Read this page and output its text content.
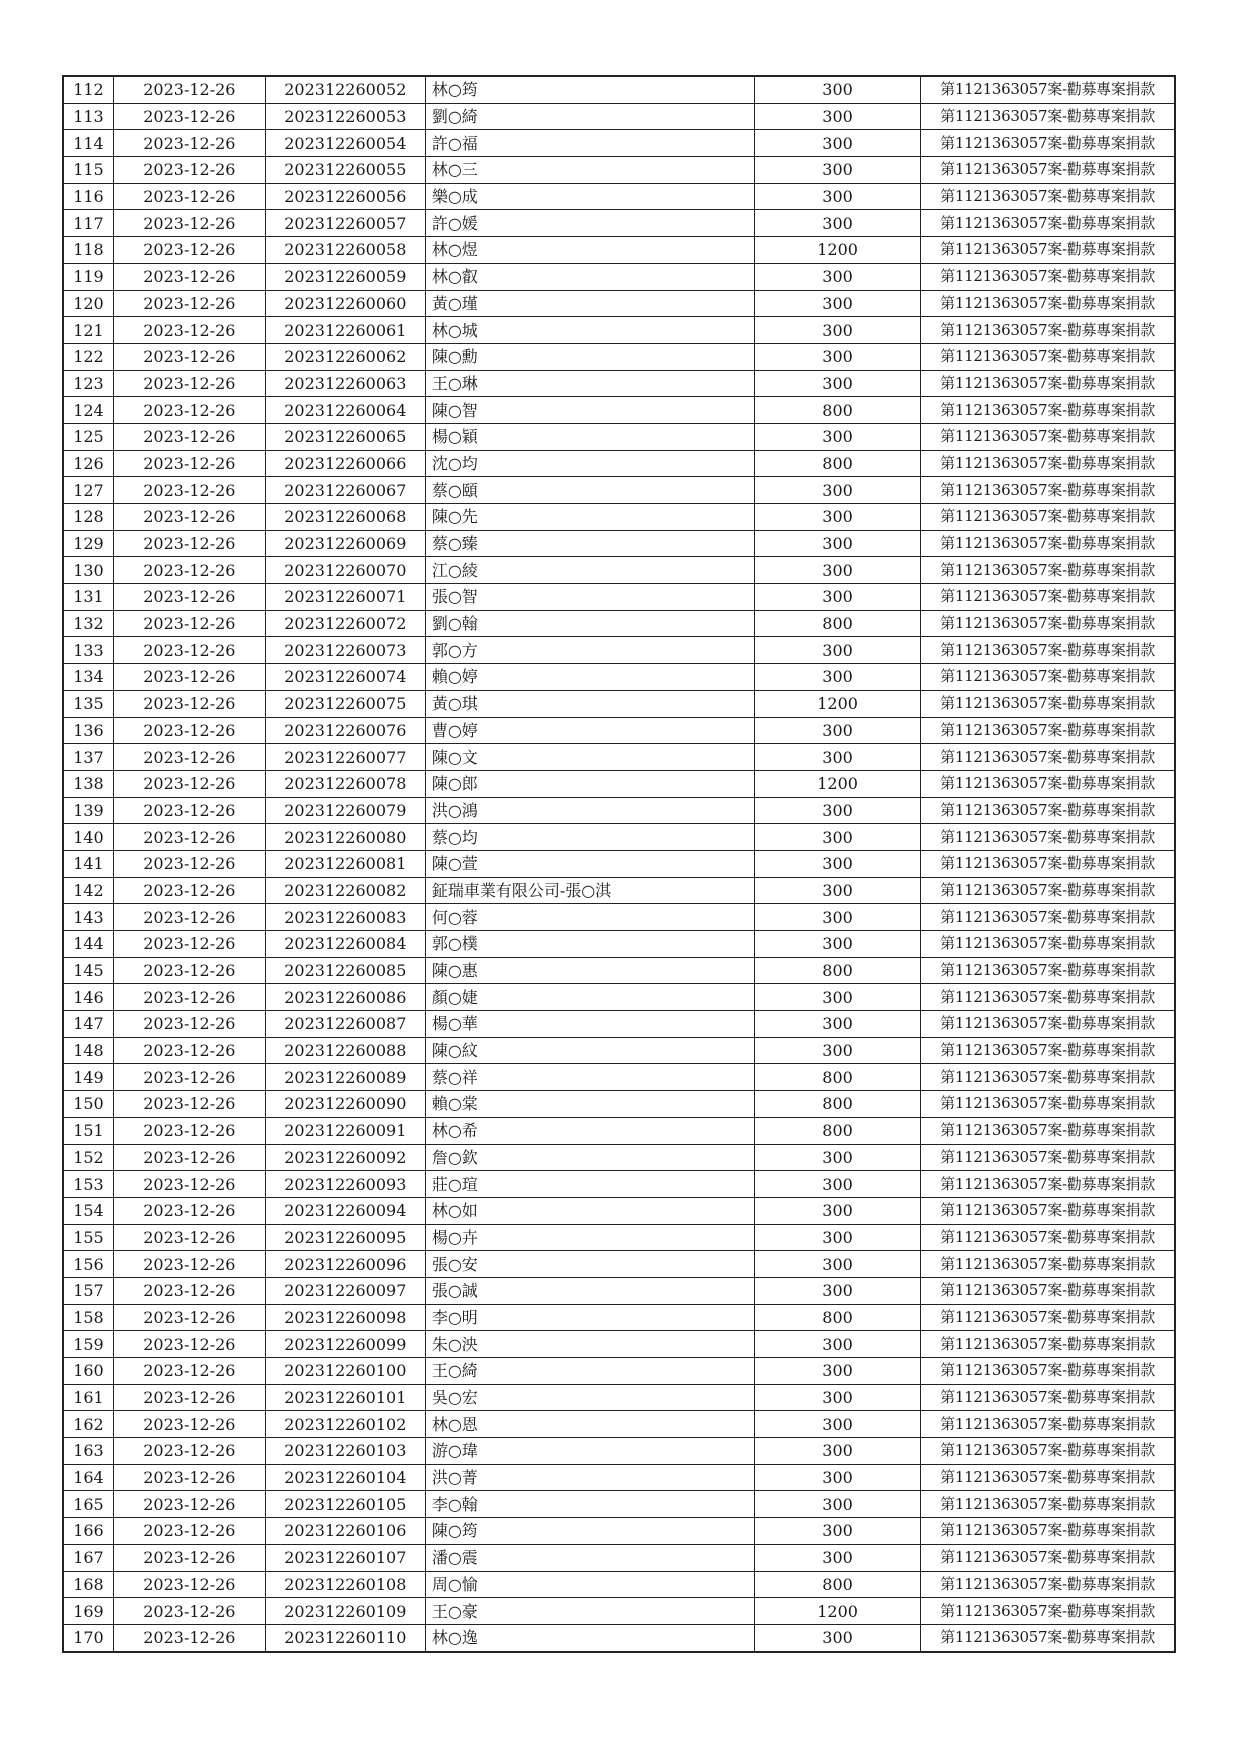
112	2023-12-26	202312260052	林○筠	300	第1121363057案-勸募專案捐款
113	2023-12-26	202312260053	劉○綺	300	第1121363057案-勸募專案捐款
114	2023-12-26	202312260054	許○福	300	第1121363057案-勸募專案捐款
115	2023-12-26	202312260055	林○三	300	第1121363057案-勸募專案捐款
116	2023-12-26	202312260056	樂○成	300	第1121363057案-勸募專案捐款
117	2023-12-26	202312260057	許○媛	300	第1121363057案-勸募專案捐款
118	2023-12-26	202312260058	林○煜	1200	第1121363057案-勸募專案捐款
119	2023-12-26	202312260059	林○叡	300	第1121363057案-勸募專案捐款
120	2023-12-26	202312260060	黃○瑾	300	第1121363057案-勸募專案捐款
121	2023-12-26	202312260061	林○城	300	第1121363057案-勸募專案捐款
122	2023-12-26	202312260062	陳○勳	300	第1121363057案-勸募專案捐款
123	2023-12-26	202312260063	王○琳	300	第1121363057案-勸募專案捐款
124	2023-12-26	202312260064	陳○智	800	第1121363057案-勸募專案捐款
125	2023-12-26	202312260065	楊○穎	300	第1121363057案-勸募專案捐款
126	2023-12-26	202312260066	沈○均	800	第1121363057案-勸募專案捐款
127	2023-12-26	202312260067	蔡○頤	300	第1121363057案-勸募專案捐款
128	2023-12-26	202312260068	陳○先	300	第1121363057案-勸募專案捐款
129	2023-12-26	202312260069	蔡○臻	300	第1121363057案-勸募專案捐款
130	2023-12-26	202312260070	江○綾	300	第1121363057案-勸募專案捐款
131	2023-12-26	202312260071	張○智	300	第1121363057案-勸募專案捐款
132	2023-12-26	202312260072	劉○翰	800	第1121363057案-勸募專案捐款
133	2023-12-26	202312260073	郭○方	300	第1121363057案-勸募專案捐款
134	2023-12-26	202312260074	賴○婷	300	第1121363057案-勸募專案捐款
135	2023-12-26	202312260075	黃○琪	1200	第1121363057案-勸募專案捐款
136	2023-12-26	202312260076	曹○婷	300	第1121363057案-勸募專案捐款
137	2023-12-26	202312260077	陳○文	300	第1121363057案-勸募專案捐款
138	2023-12-26	202312260078	陳○郎	1200	第1121363057案-勸募專案捐款
139	2023-12-26	202312260079	洪○鴻	300	第1121363057案-勸募專案捐款
140	2023-12-26	202312260080	蔡○均	300	第1121363057案-勸募專案捐款
141	2023-12-26	202312260081	陳○萱	300	第1121363057案-勸募專案捐款
142	2023-12-26	202312260082	鉦瑞車業有限公司-張○淇	300	第1121363057案-勸募專案捐款
143	2023-12-26	202312260083	何○蓉	300	第1121363057案-勸募專案捐款
144	2023-12-26	202312260084	郭○樸	300	第1121363057案-勸募專案捐款
145	2023-12-26	202312260085	陳○惠	800	第1121363057案-勸募專案捐款
146	2023-12-26	202312260086	顏○婕	300	第1121363057案-勸募專案捐款
147	2023-12-26	202312260087	楊○華	300	第1121363057案-勸募專案捐款
148	2023-12-26	202312260088	陳○紋	300	第1121363057案-勸募專案捐款
149	2023-12-26	202312260089	蔡○祥	800	第1121363057案-勸募專案捐款
150	2023-12-26	202312260090	賴○棠	800	第1121363057案-勸募專案捐款
151	2023-12-26	202312260091	林○希	800	第1121363057案-勸募專案捐款
152	2023-12-26	202312260092	詹○欽	300	第1121363057案-勸募專案捐款
153	2023-12-26	202312260093	莊○瑄	300	第1121363057案-勸募專案捐款
154	2023-12-26	202312260094	林○如	300	第1121363057案-勸募專案捐款
155	2023-12-26	202312260095	楊○卉	300	第1121363057案-勸募專案捐款
156	2023-12-26	202312260096	張○安	300	第1121363057案-勸募專案捐款
157	2023-12-26	202312260097	張○誠	300	第1121363057案-勸募專案捐款
158	2023-12-26	202312260098	李○明	800	第1121363057案-勸募專案捐款
159	2023-12-26	202312260099	朱○泱	300	第1121363057案-勸募專案捐款
160	2023-12-26	202312260100	王○綺	300	第1121363057案-勸募專案捐款
161	2023-12-26	202312260101	吳○宏	300	第1121363057案-勸募專案捐款
162	2023-12-26	202312260102	林○恩	300	第1121363057案-勸募專案捐款
163	2023-12-26	202312260103	游○瑋	300	第1121363057案-勸募專案捐款
164	2023-12-26	202312260104	洪○菁	300	第1121363057案-勸募專案捐款
165	2023-12-26	202312260105	李○翰	300	第1121363057案-勸募專案捐款
166	2023-12-26	202312260106	陳○筠	300	第1121363057案-勸募專案捐款
167	2023-12-26	202312260107	潘○震	300	第1121363057案-勸募專案捐款
168	2023-12-26	202312260108	周○愉	800	第1121363057案-勸募專案捐款
169	2023-12-26	202312260109	王○豪	1200	第1121363057案-勸募專案捐款
170	2023-12-26	202312260110	林○逸	300	第1121363057案-勸募專案捐款
